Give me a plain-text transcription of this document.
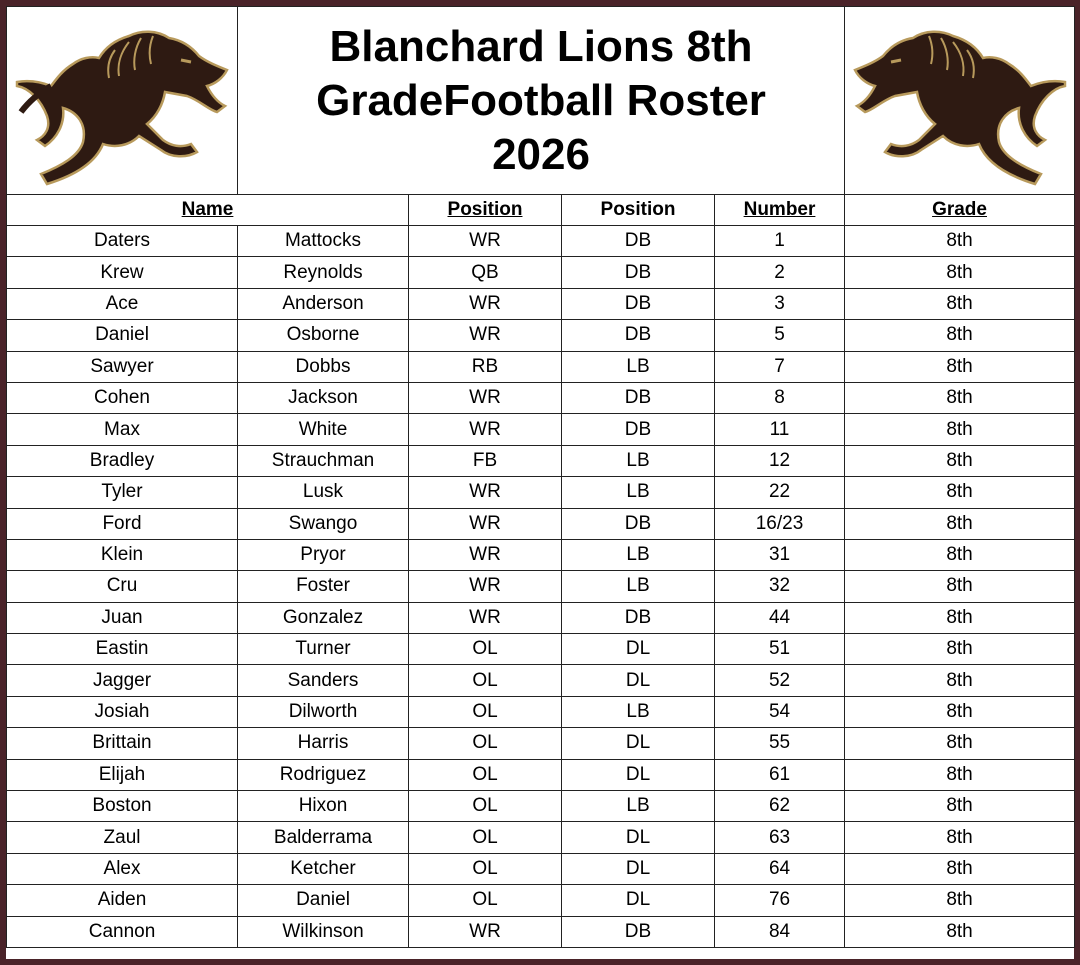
Blanchard Lions 8th
GradeFootball Roster
2026

Name		Position	Position	Number	Grade
Daters	Mattocks	WR	DB	1	8th
Krew	Reynolds	QB	DB	2	8th
Ace	Anderson	WR	DB	3	8th
Daniel	Osborne	WR	DB	5	8th
Sawyer	Dobbs	RB	LB	7	8th
Cohen	Jackson	WR	DB	8	8th
Max	White	WR	DB	11	8th
Bradley	Strauchman	FB	LB	12	8th
Tyler	Lusk	WR	LB	22	8th
Ford	Swango	WR	DB	16/23	8th
Klein	Pryor	WR	LB	31	8th
Cru	Foster	WR	LB	32	8th
Juan	Gonzalez	WR	DB	44	8th
Eastin	Turner	OL	DL	51	8th
Jagger	Sanders	OL	DL	52	8th
Josiah	Dilworth	OL	LB	54	8th
Brittain	Harris	OL	DL	55	8th
Elijah	Rodriguez	OL	DL	61	8th
Boston	Hixon	OL	LB	62	8th
Zaul	Balderrama	OL	DL	63	8th
Alex	Ketcher	OL	DL	64	8th
Aiden	Daniel	OL	DL	76	8th
Cannon	Wilkinson	WR	DB	84	8th
